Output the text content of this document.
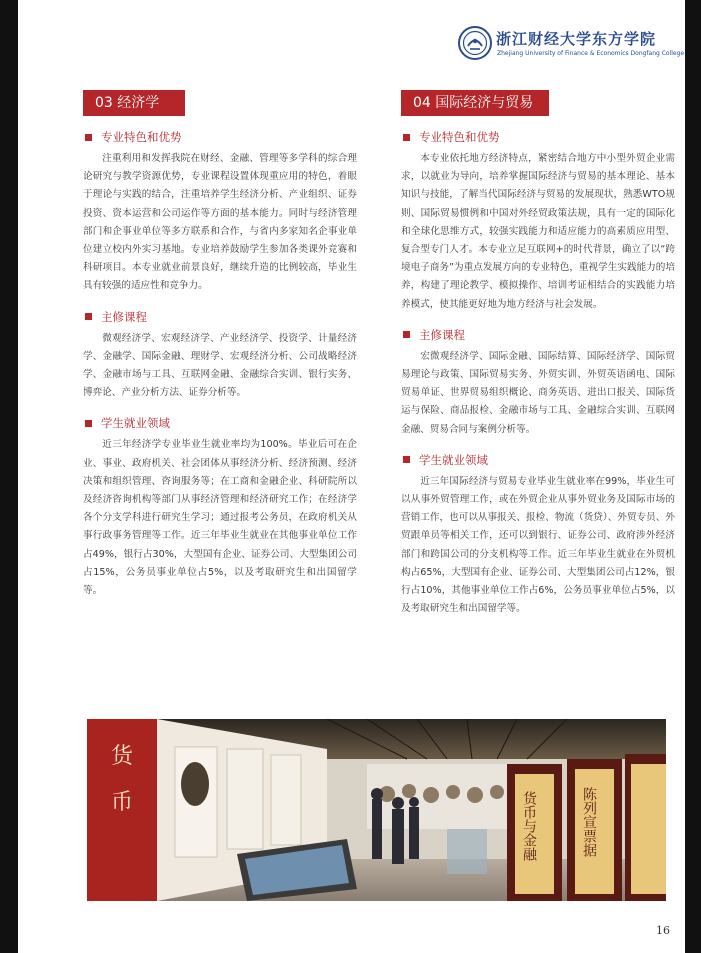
浙江财经大学东方学院
Zhejiang University of Finance & Economics Dongfang College
03 经济学
专业特色和优势

注重利用和发挥我院在财经、金融、管理等多学科的综合理论研究与教学资源优势，专业课程设置体现重应用的特色，着眼于理论与实践的结合，注重培养学生经济分析、产业组织、证券投资、资本运营和公司运作等方面的基本能力。同时与经济管理部门和企事业单位等多方联系和合作，与省内多家知名企事业单位建立校内外实习基地。专业培养鼓励学生参加各类课外竞赛和科研项目。本专业就业前景良好，继续升造的比例较高，毕业生具有较强的适应性和竞争力。

主修课程

微观经济学、宏观经济学、产业经济学、投资学、计量经济学、金融学、国际金融、理财学、宏观经济分析、公司战略经济学、金融市场与工具、互联网金融、金融综合实训、银行实务、博弈论、产业分析方法、证券分析等。

学生就业领域

近三年经济学专业毕业生就业率均为100%。毕业后可在企业、事业、政府机关、社会团体从事经济分析、经济预测、经济决策和组织管理、咨询服务等；在工商和金融企业、科研院所以及经济咨询机构等部门从事经济管理和经济研究工作；在经济学各个分支学科进行研究生学习；通过报考公务员，在政府机关从事行政事务管理等工作。近三年毕业生就业在其他事业单位工作占49%，银行占30%，大型国有企业、证券公司、大型集团公司占15%，公务员事业单位占5%，以及考取研究生和出国留学等。

04 国际经济与贸易
专业特色和优势

本专业依托地方经济特点，紧密结合地方中小型外贸企业需求，以就业为导向，培养掌握国际经济与贸易的基本理论、基本知识与技能，了解当代国际经济与贸易的发展现状，熟悉WTO规则、国际贸易惯例和中国对外经贸政策法规，具有一定的国际化和全球化思维方式，较强实践能力和适应能力的高素质应用型、复合型专门人才。本专业立足互联网+的时代背景，确立了以“跨境电子商务”为重点发展方向的专业特色，重视学生实践能力的培养，构建了理论教学、模拟操作、培训考证相结合的实践能力培养模式，使其能更好地为地方经济与社会发展。

主修课程

宏微观经济学、国际金融、国际结算、国际经济学、国际贸易理论与政策、国际贸易实务、外贸实训、外贸英语函电、国际贸易单证、世界贸易组织概论、商务英语、进出口报关、国际货运与保险、商品报检、金融市场与工具、金融综合实训、互联网金融、贸易合同与案例分析等。

学生就业领域

近三年国际经济与贸易专业毕业生就业率在99%，毕业生可以从事外贸管理工作，或在外贸企业从事外贸业务及国际市场的营销工作，也可以从事报关、报检、物流（货贷）、外贸专员、外贸跟单员等相关工作，还可以到银行、证券公司、政府涉外经济部门和跨国公司的分支机构等工作。近三年毕业生就业在外贸机构占65%，大型国有企业、证券公司、大型集团公司占12%，银行占10%，其他事业单位工作占6%，公务员事业单位占5%，以及考取研究生和出国留学等。

货
币	货币与金融	陈列宣票据
16
